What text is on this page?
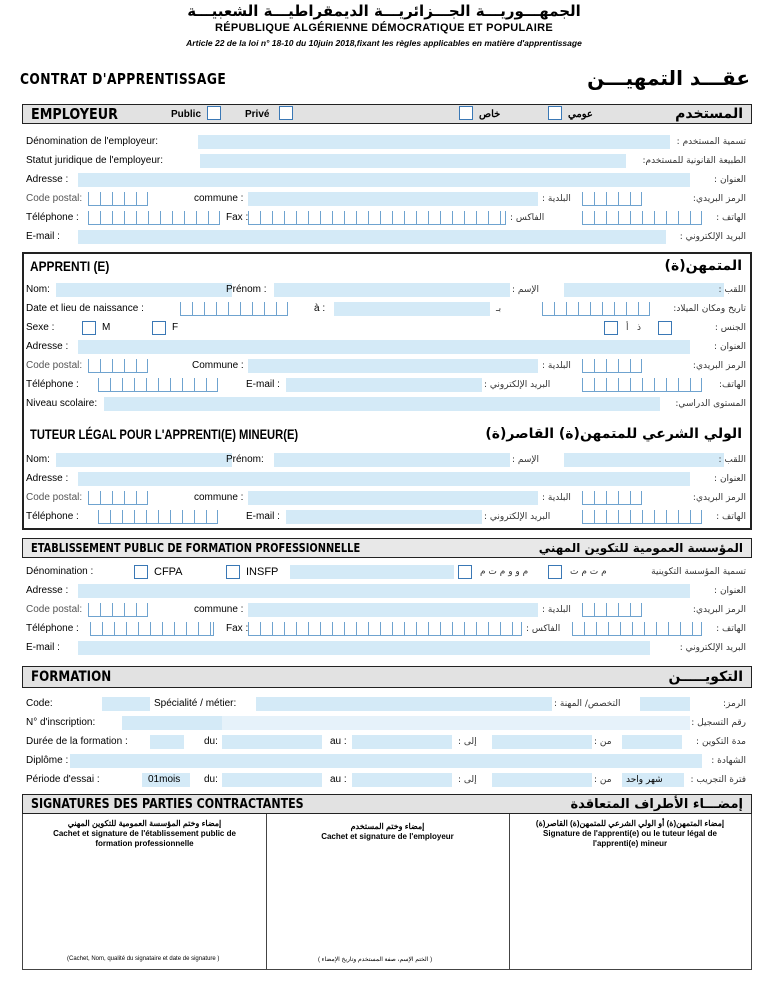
الجمهـــوريـــة الجـــزائريـــة الديمقراطيـــة الشعبيـــة
RÉPUBLIQUE ALGÉRIENNE DÉMOCRATIQUE ET POPULAIRE
Article 22 de la loi n° 18-10 du 10juin 2018,fixant les règles applicables en matière d'apprentissage
CONTRAT D'APPRENTISSAGE	عقـــد التمهيـــن
EMPLOYEUR	Public	Privé	خاص	عومي	المستخدم
Dénomination de l'employeur:	تسمية المستخدم :
Statut juridique de l'employeur:	الطبيعة القانونية للمستخدم:
Adresse :	العنوان :
Code postal:	commune :	البلدية :	الرمز البريدي:
Téléphone :	Fax :	الفاكس :	الهاتف :
E-mail :	البريد الإلكتروني :
APPRENTI (E)	المتمهن(ة)
Nom:	Prénom :	الإسم :	اللقب :
Date et lieu de naissance :	à :	بـ	تاريخ ومكان الميلاد:
Sexe :	M	F	أ ذ	الجنس :
Adresse :	العنوان :
Code postal:	Commune :	البلدية :	الرمز البريدي:
Téléphone :	E-mail :	البريد الإلكتروني :	الهاتف:
Niveau scolaire:	المستوى الدراسي:
TUTEUR LÉGAL POUR L'APPRENTI(E) MINEUR(E)	الولي الشرعي للمتمهن(ة) القاصر(ة)
Nom:	Prénom:	الإسم :	اللقب :
Adresse :	العنوان :
Code postal:	commune :	البلدية :	الرمز البريدي:
Téléphone :	E-mail :	البريد الإلكتروني :	الهاتف :
ETABLISSEMENT PUBLIC DE FORMATION PROFESSIONNELLE	المؤسسة العمومية للتكوين المهني
Dénomination :	CFPA	INSFP	م و و م ت م	م ت م ت	تسمية المؤسسة التكوينية
Adresse :	العنوان :
Code postal:	commune :	البلدية :	الرمز البريدي:
Téléphone :	Fax :	الفاكس :	الهاتف :
E-mail :	البريد الإلكتروني :
FORMATION	التكويـــــن
Code:	Spécialité / métier:	التخصص/ المهنة :	الرمز:
N° d'inscription:	رقم التسجيل :
Durée de la formation :	du:	au :	إلى :	من :	مدة التكوين :
Diplôme :	الشهادة :
Période d'essai :	01mois du:	au :	إلى :	من : شهر واحد	فترة التجريب :
SIGNATURES DES PARTIES CONTRACTANTES	إمضـــاء الأطراف المتعاقدة
إمضاء وختم المؤسسة العمومية للتكوين المهني
Cachet et signature de l'établissement public de formation professionnelle
(Cachet, Nom, qualité du signataire et date de signature )
إمضاء وختم المستخدم
Cachet et signature de l'employeur
( الختم الإسم، صفة المستخدم وتاريخ الإمضاء )
إمضاء المتمهن(ة) أو الولي الشرعي للمتمهن(ة) القاصر(ة)
Signature de l'apprenti(e) ou le tuteur légal de l'apprenti(e) mineur
